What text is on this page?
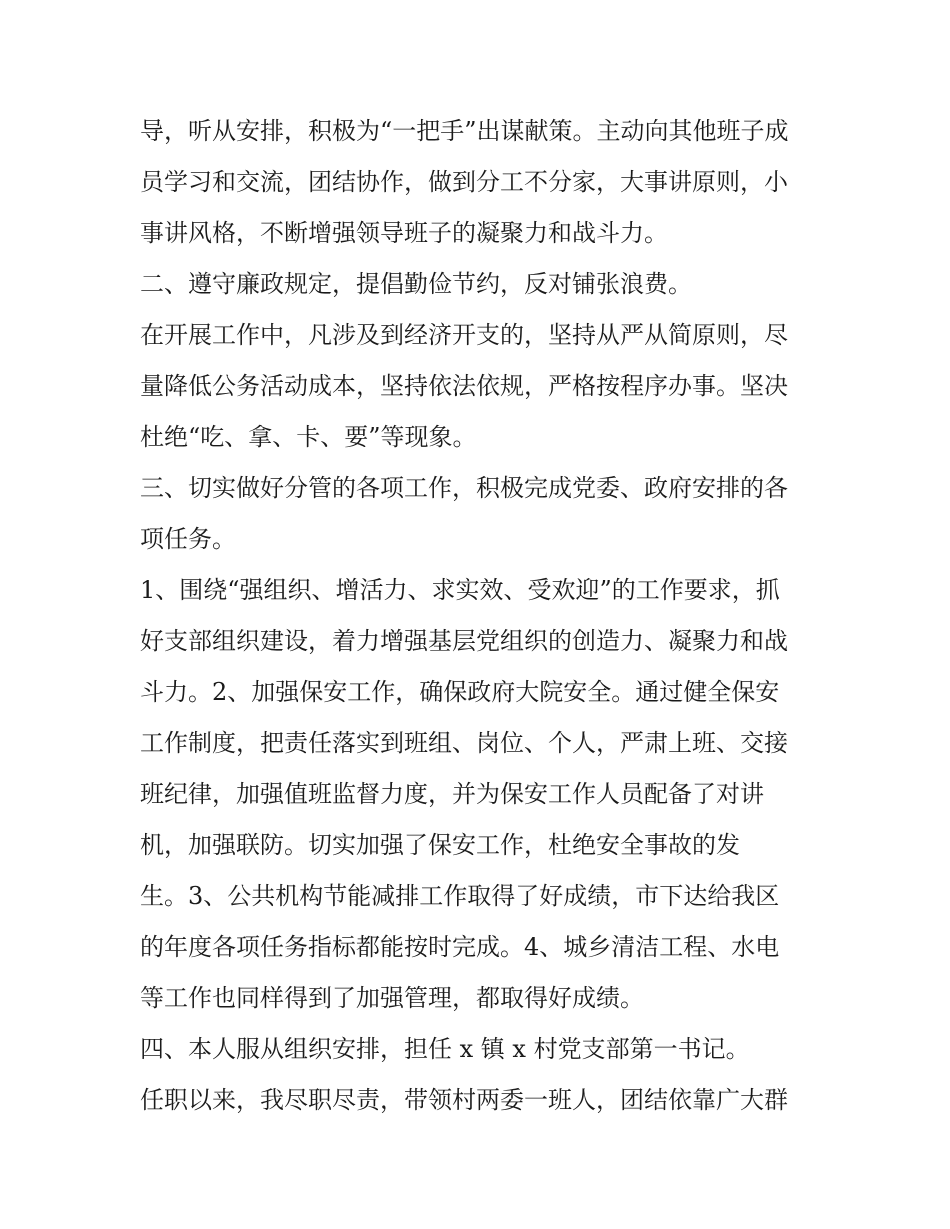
导，听从安排，积极为“一把手”出谋献策。主动向其他班子成
员学习和交流，团结协作，做到分工不分家，大事讲原则，小
事讲风格，不断增强领导班子的凝聚力和战斗力。
二、遵守廉政规定，提倡勤俭节约，反对铺张浪费。
在开展工作中，凡涉及到经济开支的，坚持从严从简原则，尽
量降低公务活动成本，坚持依法依规，严格按程序办事。坚决
杜绝“吃、拿、卡、要”等现象。
三、切实做好分管的各项工作，积极完成党委、政府安排的各
项任务。
1、围绕“强组织、增活力、求实效、受欢迎”的工作要求，抓
好支部组织建设，着力增强基层党组织的创造力、凝聚力和战
斗力。2、加强保安工作，确保政府大院安全。通过健全保安
工作制度，把责任落实到班组、岗位、个人，严肃上班、交接
班纪律，加强值班监督力度，并为保安工作人员配备了对讲
机，加强联防。切实加强了保安工作，杜绝安全事故的发
生。3、公共机构节能减排工作取得了好成绩，市下达给我区
的年度各项任务指标都能按时完成。4、城乡清洁工程、水电
等工作也同样得到了加强管理，都取得好成绩。
四、本人服从组织安排，担任 x 镇 x 村党支部第一书记。
任职以来，我尽职尽责，带领村两委一班人，团结依靠广大群
